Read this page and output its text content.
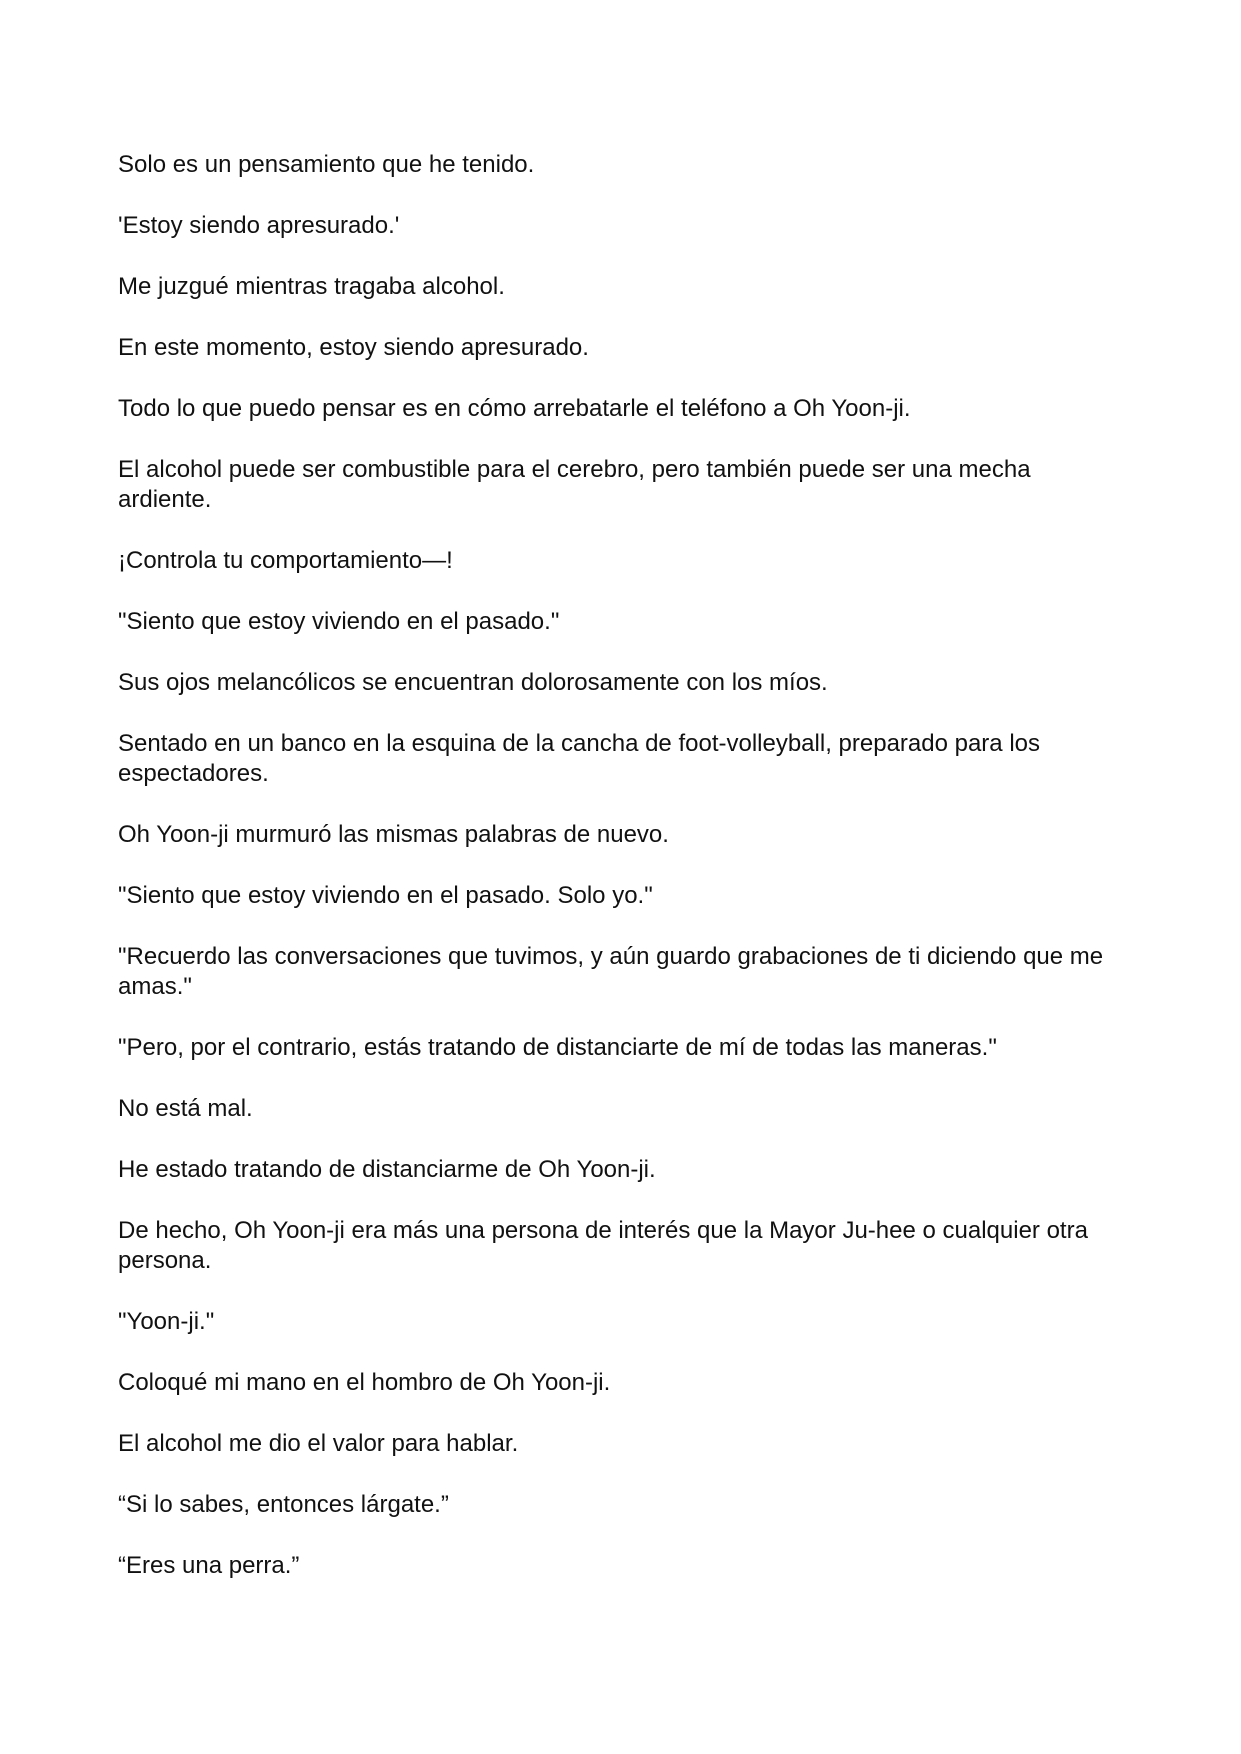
Solo es un pensamiento que he tenido.

'Estoy siendo apresurado.'

Me juzgué mientras tragaba alcohol.

En este momento, estoy siendo apresurado.

Todo lo que puedo pensar es en cómo arrebatarle el teléfono a Oh Yoon-ji.

El alcohol puede ser combustible para el cerebro, pero también puede ser una mecha ardiente.

¡Controla tu comportamiento—!

"Siento que estoy viviendo en el pasado."

Sus ojos melancólicos se encuentran dolorosamente con los míos.

Sentado en un banco en la esquina de la cancha de foot-volleyball, preparado para los espectadores.

Oh Yoon-ji murmuró las mismas palabras de nuevo.

"Siento que estoy viviendo en el pasado. Solo yo."

"Recuerdo las conversaciones que tuvimos, y aún guardo grabaciones de ti diciendo que me amas."

"Pero, por el contrario, estás tratando de distanciarte de mí de todas las maneras."

No está mal.

He estado tratando de distanciarme de Oh Yoon-ji.

De hecho, Oh Yoon-ji era más una persona de interés que la Mayor Ju-hee o cualquier otra persona.

"Yoon-ji."

Coloqué mi mano en el hombro de Oh Yoon-ji.

El alcohol me dio el valor para hablar.

“Si lo sabes, entonces lárgate.”

“Eres una perra.”
